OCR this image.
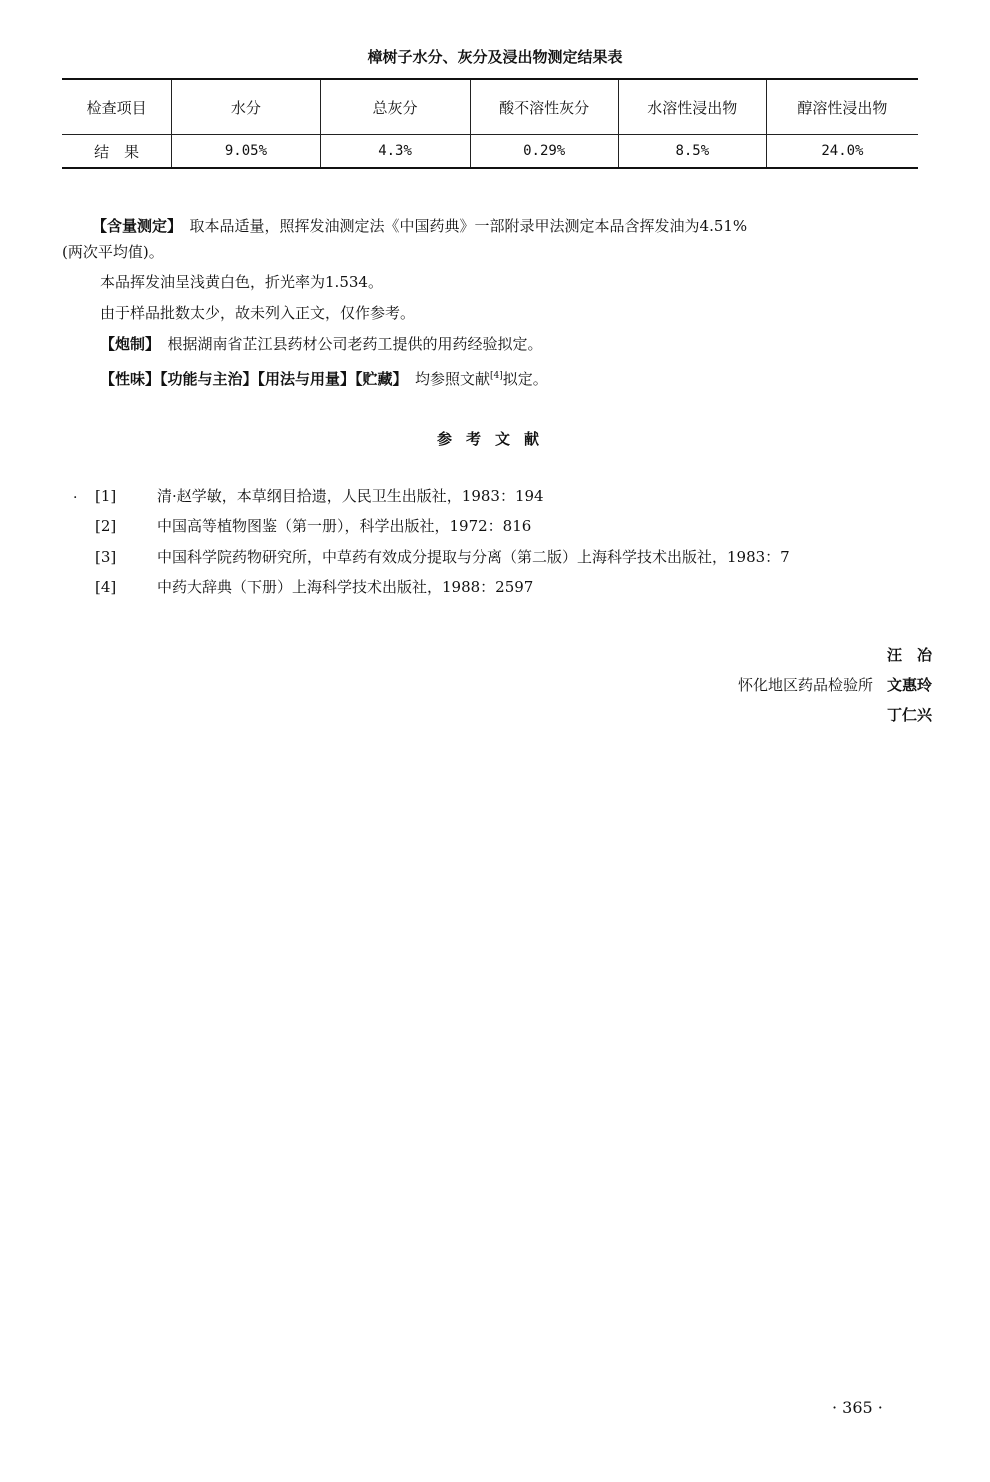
樟树子水分、灰分及浸出物测定结果表
检查项目	水分	总灰分	酸不溶性灰分	水溶性浸出物	醇溶性浸出物
结　果	9.05%	4.3%	0.29%	8.5%	24.0%
【含量测定】　取本品适量，照挥发油测定法《中国药典》一部附录甲法测定本品含挥发油为4.51%
(两次平均值)。
本品挥发油呈浅黄白色，折光率为1.534。
由于样品批数太少，故未列入正文，仅作参考。
【炮制】　根据湖南省芷江县药材公司老药工提供的用药经验拟定。
【性味】【功能与主治】【用法与用量】【贮藏】　均参照文献[4]拟定。
参考文献
· [1]	清·赵学敏，本草纲目拾遗，人民卫生出版社，1983：194
[2]	中国高等植物图鉴（第一册），科学出版社，1972：816
[3]	中国科学院药物研究所，中草药有效成分提取与分离（第二版）上海科学技术出版社，1983：7
[4]	中药大辞典（下册）上海科学技术出版社，1988：2597
汪　冶
怀化地区药品检验所 文惠玲
丁仁兴
· 365 ·
